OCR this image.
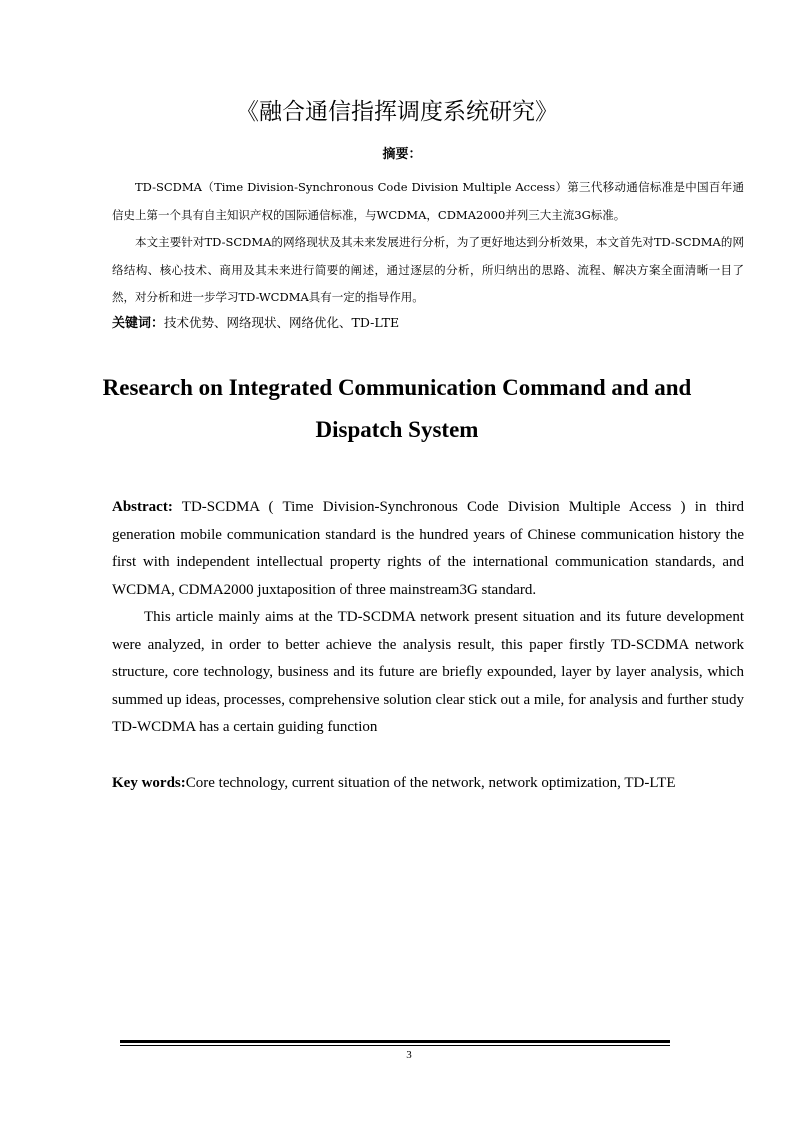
《融合通信指挥调度系统研究》
摘要：

TD-SCDMA（Time Division-Synchronous Code Division Multiple Access）第三代移动通信标准是中国百年通信史上第一个具有自主知识产权的国际通信标准，与WCDMA，CDMA2000并列三大主流3G标准。

本文主要针对TD-SCDMA的网络现状及其未来发展进行分析，为了更好地达到分析效果，本文首先对TD-SCDMA的网络结构、核心技术、商用及其未来进行简要的阐述，通过逐层的分析，所归纳出的思路、流程、解决方案全面清晰一目了然，对分析和进一步学习TD-WCDMA具有一定的指导作用。

关键词：技术优势、网络现状、网络优化、TD-LTE
Research on Integrated Communication Command and and Dispatch System

Abstract: TD-SCDMA ( Time Division-Synchronous Code Division Multiple Access ) in third generation mobile communication standard is the hundred years of Chinese communication history the first with independent intellectual property rights of the international communication standards, and WCDMA, CDMA2000 juxtaposition of three mainstream3G standard.

This article mainly aims at the TD-SCDMA network present situation and its future development were analyzed, in order to better achieve the analysis result, this paper firstly TD-SCDMA network structure, core technology, business and its future are briefly expounded, layer by layer analysis, which summed up ideas, processes, comprehensive solution clear stick out a mile, for analysis and further study TD-WCDMA has a certain guiding function

Key words:Core technology, current situation of the network, network optimization, TD-LTE
3
